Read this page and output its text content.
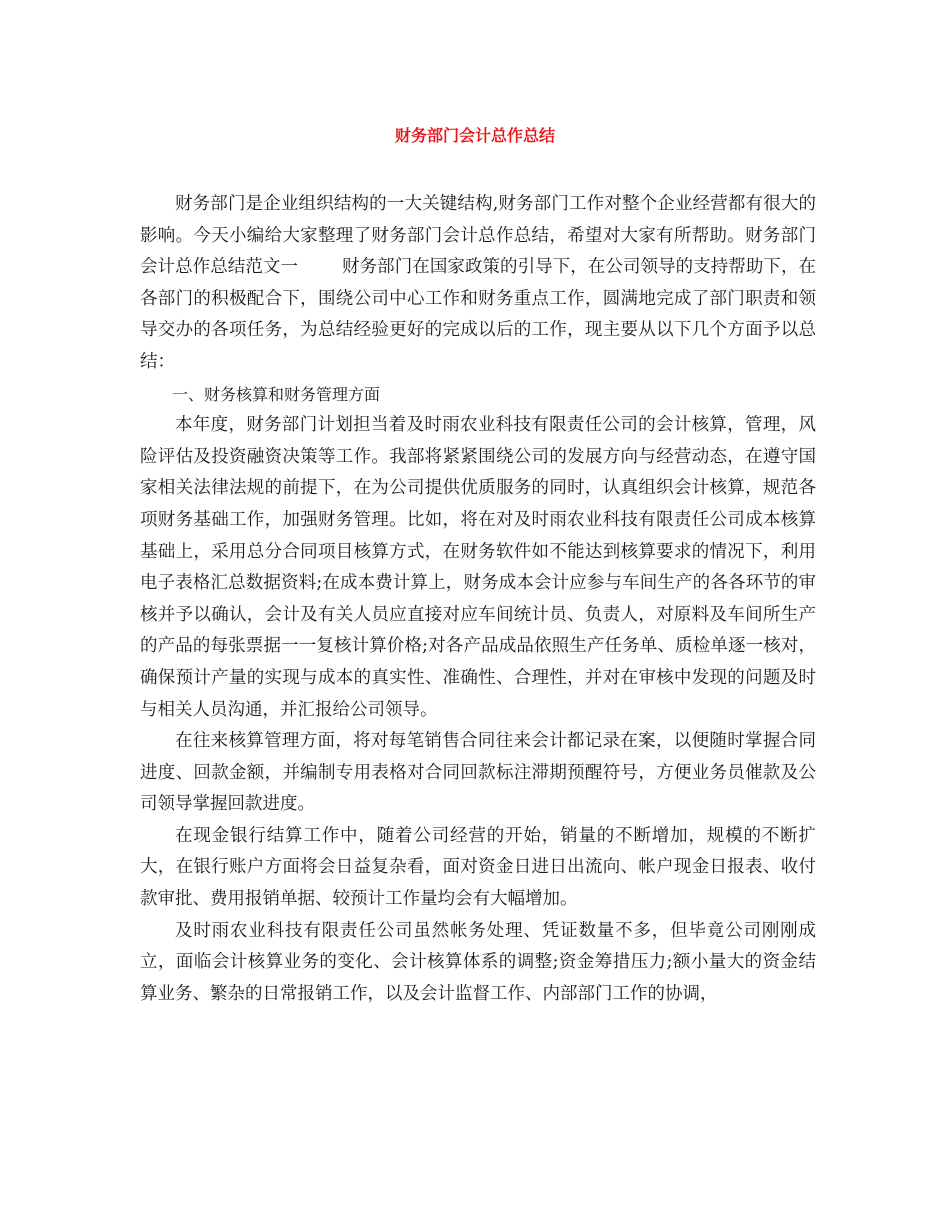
财务部门会计总作总结

财务部门是企业组织结构的一大关键结构,财务部门工作对整个企业经营都有很大的影响。今天小编给大家整理了财务部门会计总作总结，希望对大家有所帮助。财务部门会计总作总结范文一	财务部门在国家政策的引导下，在公司领导的支持帮助下，在各部门的积极配合下，围绕公司中心工作和财务重点工作，圆满地完成了部门职责和领导交办的各项任务，为总结经验更好的完成以后的工作，现主要从以下几个方面予以总结：

一、财务核算和财务管理方面

本年度，财务部门计划担当着及时雨农业科技有限责任公司的会计核算，管理，风险评估及投资融资决策等工作。我部将紧紧围绕公司的发展方向与经营动态，在遵守国家相关法律法规的前提下，在为公司提供优质服务的同时，认真组织会计核算，规范各项财务基础工作，加强财务管理。比如，将在对及时雨农业科技有限责任公司成本核算基础上，采用总分合同项目核算方式，在财务软件如不能达到核算要求的情况下，利用电子表格汇总数据资料;在成本费计算上，财务成本会计应参与车间生产的各各环节的审核并予以确认，会计及有关人员应直接对应车间统计员、负责人，对原料及车间所生产的产品的每张票据一一复核计算价格;对各产品成品依照生产任务单、质检单逐一核对，确保预计产量的实现与成本的真实性、准确性、合理性，并对在审核中发现的问题及时与相关人员沟通，并汇报给公司领导。

在往来核算管理方面，将对每笔销售合同往来会计都记录在案，以便随时掌握合同进度、回款金额，并编制专用表格对合同回款标注滞期预醒符号，方便业务员催款及公司领导掌握回款进度。

在现金银行结算工作中，随着公司经营的开始，销量的不断增加，规模的不断扩大，在银行账户方面将会日益复杂看，面对资金日进日出流向、帐户现金日报表、收付款审批、费用报销单据、较预计工作量均会有大幅增加。

及时雨农业科技有限责任公司虽然帐务处理、凭证数量不多，但毕竟公司刚刚成立，面临会计核算业务的变化、会计核算体系的调整;资金筹措压力;额小量大的资金结算业务、繁杂的日常报销工作，以及会计监督工作、内部部门工作的协调，
